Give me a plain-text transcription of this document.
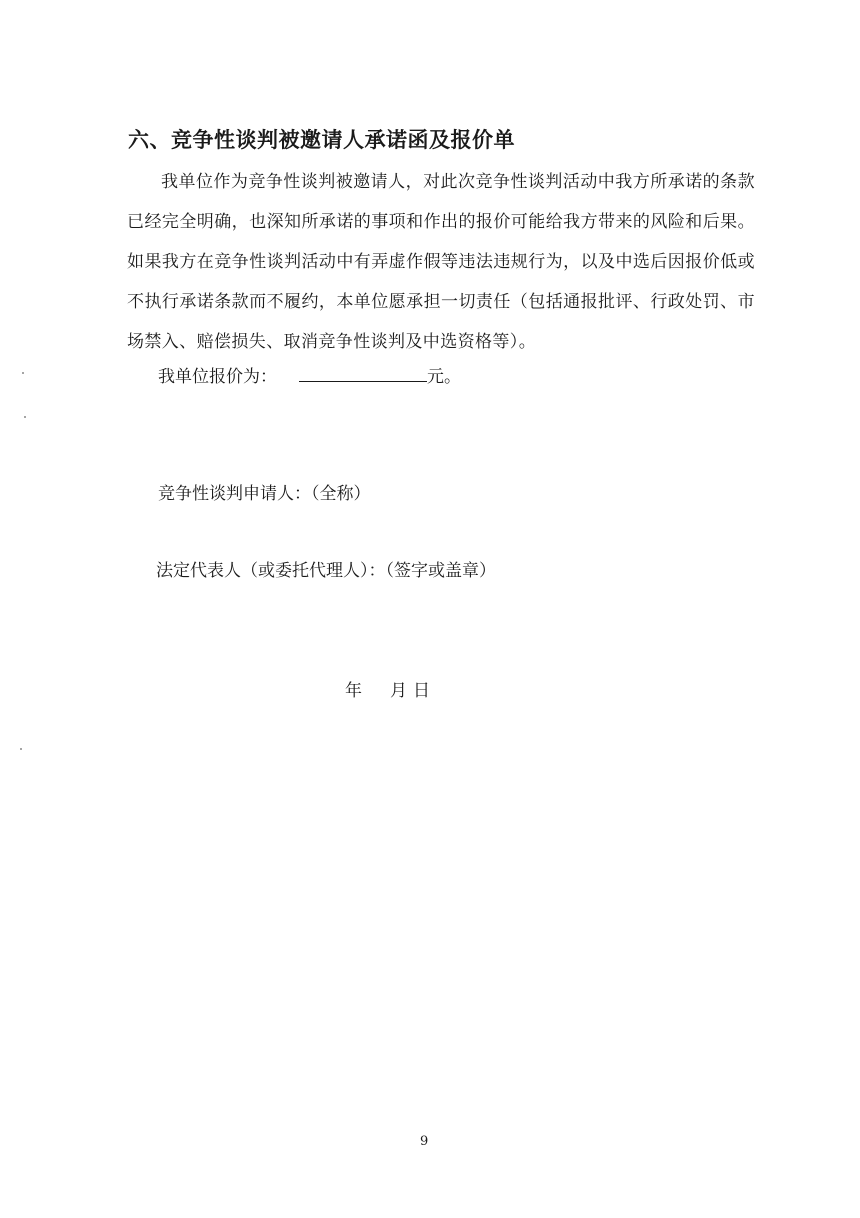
六、竞争性谈判被邀请人承诺函及报价单
我单位作为竞争性谈判被邀请人，对此次竞争性谈判活动中我方所承诺的条款已经完全明确，也深知所承诺的事项和作出的报价可能给我方带来的风险和后果。如果我方在竞争性谈判活动中有弄虚作假等违法违规行为，以及中选后因报价低或不执行承诺条款而不履约，本单位愿承担一切责任（包括通报批评、行政处罚、市场禁入、赔偿损失、取消竞争性谈判及中选资格等）。
我单位报价为：	元。
竞争性谈判申请人：（全称）
法定代表人（或委托代理人）：（签字或盖章）
年 月 日
9
